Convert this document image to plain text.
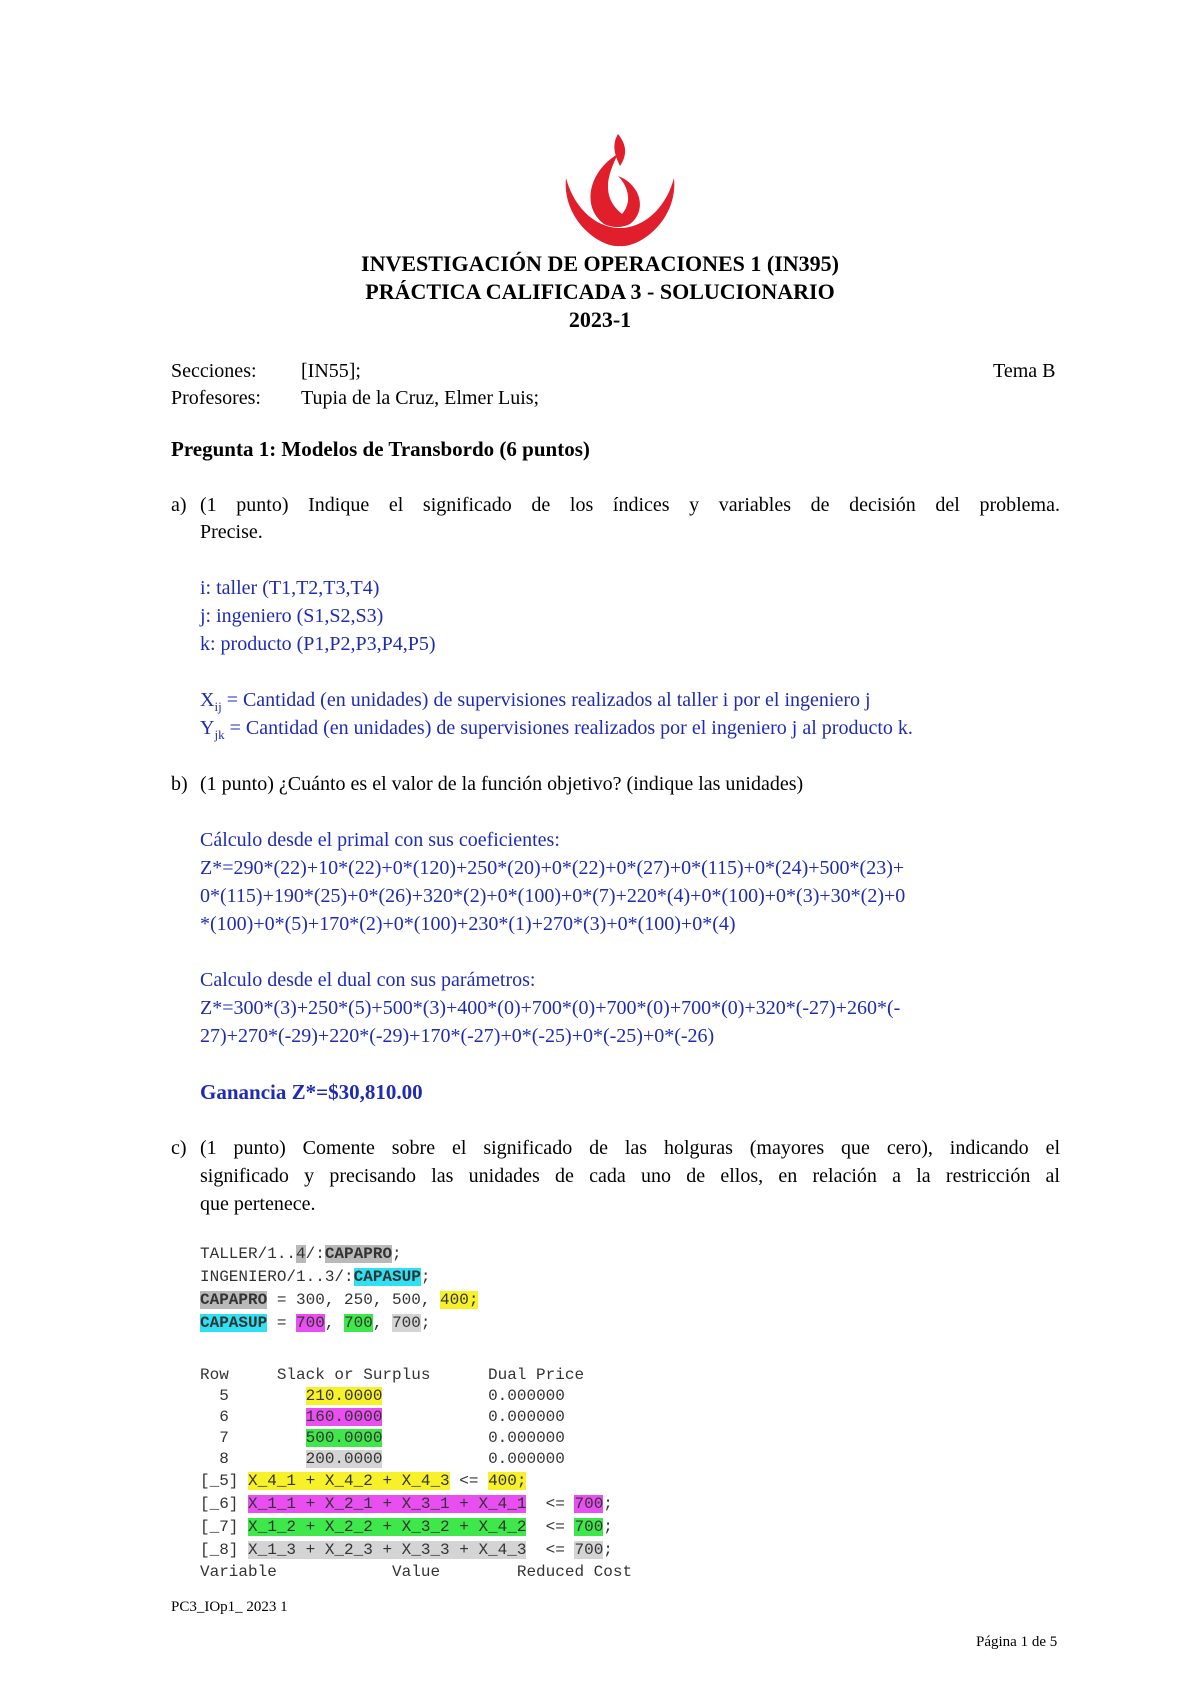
INVESTIGACIÓN DE OPERACIONES 1 (IN395)
PRÁCTICA CALIFICADA 3 - SOLUCIONARIO
2023-1
Secciones: [IN55];	Tema B
Profesores: Tupia de la Cruz, Elmer Luis;
Pregunta 1: Modelos de Transbordo (6 puntos)
a) (1 punto) Indique el significado de los índices y variables de decisión del problema.
Precise.
i: taller (T1,T2,T3,T4)
j: ingeniero (S1,S2,S3)
k: producto (P1,P2,P3,P4,P5)
$X_{ij}$ = Cantidad (en unidades) de supervisiones realizados al taller i por el ingeniero j
$Y_{jk}$ = Cantidad (en unidades) de supervisiones realizados por el ingeniero j al producto k.
b) (1 punto) ¿Cuánto es el valor de la función objetivo? (indique las unidades)
Cálculo desde el primal con sus coeficientes:
Z*=290*(22)+10*(22)+0*(120)+250*(20)+0*(22)+0*(27)+0*(115)+0*(24)+500*(23)+
0*(115)+190*(25)+0*(26)+320*(2)+0*(100)+0*(7)+220*(4)+0*(100)+0*(3)+30*(2)+0
*(100)+0*(5)+170*(2)+0*(100)+230*(1)+270*(3)+0*(100)+0*(4)
Calculo desde el dual con sus parámetros:
Z*=300*(3)+250*(5)+500*(3)+400*(0)+700*(0)+700*(0)+700*(0)+320*(-27)+260*(-
27)+270*(-29)+220*(-29)+170*(-27)+0*(-25)+0*(-25)+0*(-26)
Ganancia Z*=$30,810.00
c) (1 punto) Comente sobre el significado de las holguras (mayores que cero), indicando el
significado y precisando las unidades de cada uno de ellos, en relación a la restricción al
que pertenece.
TALLER/1..4/:CAPAPRO;
INGENIERO/1..3/:CAPASUP;
CAPAPRO = 300, 250, 500, 400;
CAPASUP = 700, 700, 700;
Row     Slack or Surplus      Dual Price
5	210.0000	0.000000
6	160.0000	0.000000
7	500.0000	0.000000
8	200.0000	0.000000
[_5] X_4_1 + X_4_2 + X_4_3 <= 400;
[_6] X_1_1 + X_2_1 + X_3_1 + X_4_1  <= 700;
[_7] X_1_2 + X_2_2 + X_3_2 + X_4_2  <= 700;
[_8] X_1_3 + X_2_3 + X_3_3 + X_4_3  <= 700;
Variable            Value        Reduced Cost
PC3_IOp1_ 2023 1
Página 1 de 5
